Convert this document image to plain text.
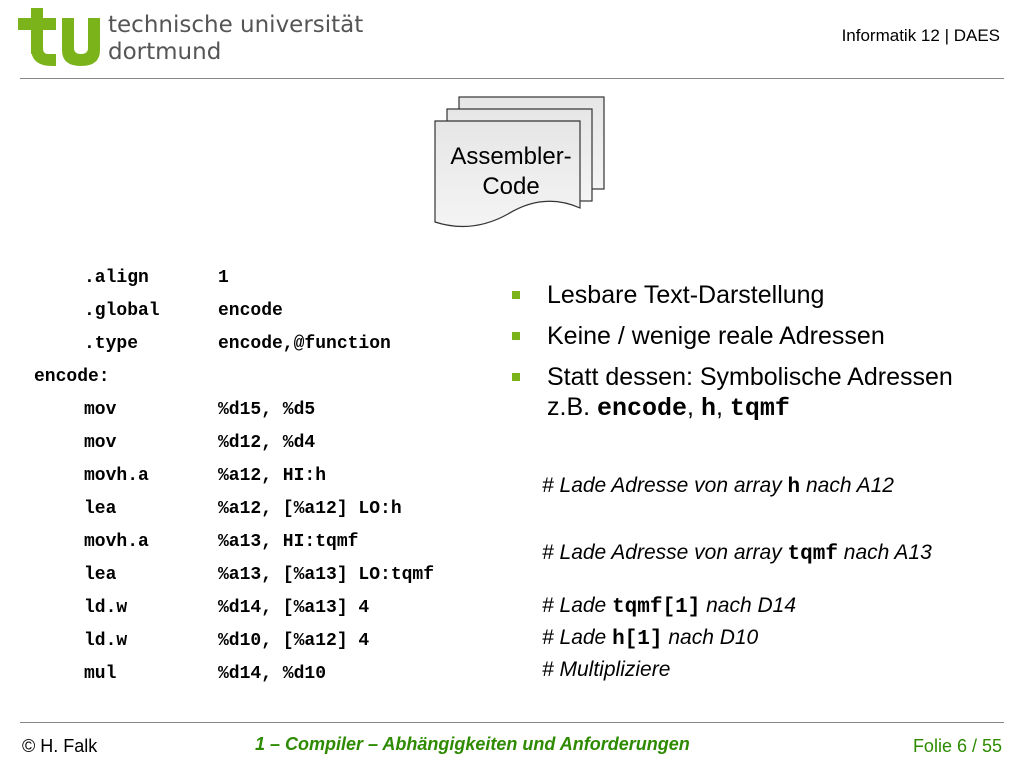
technische universität
dortmund
Informatik 12 | DAES
Assembler-
Code
.align	1
.global	encode
.type	encode,@function
encode:
mov	%d15, %d5
mov	%d12, %d4
movh.a	%a12, HI:h
lea	%a12, [%a12] LO:h
movh.a	%a13, HI:tqmf
lea	%a13, [%a13] LO:tqmf
ld.w	%d14, [%a13] 4
ld.w	%d10, [%a12] 4
mul	%d14, %d10
Lesbare Text-Darstellung
Keine / wenige reale Adressen
Statt dessen: Symbolische Adressen
z.B. encode, h, tqmf
# Lade Adresse von array h nach A12
# Lade Adresse von array tqmf nach A13
# Lade tqmf[1] nach D14
# Lade h[1] nach D10
# Multipliziere
© H. Falk	1 – Compiler – Abhängigkeiten und Anforderungen	Folie 6 / 55
